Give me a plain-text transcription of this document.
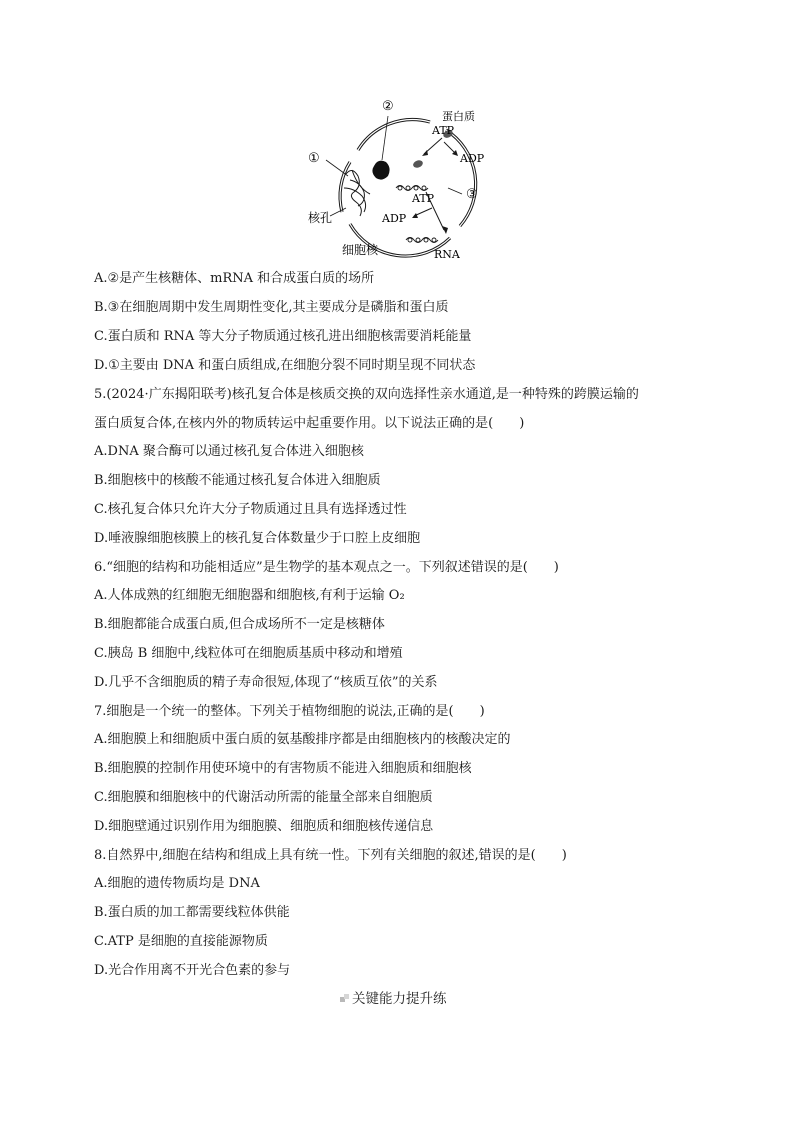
②
①
③
蛋白质
ATP
ADP
ATP
ADP
RNA
核孔
细胞核
A.②是产生核糖体、mRNA 和合成蛋白质的场所
B.③在细胞周期中发生周期性变化,其主要成分是磷脂和蛋白质
C.蛋白质和 RNA 等大分子物质通过核孔进出细胞核需要消耗能量
D.①主要由 DNA 和蛋白质组成,在细胞分裂不同时期呈现不同状态
5.(2024·广东揭阳联考)核孔复合体是核质交换的双向选择性亲水通道,是一种特殊的跨膜运输的
蛋白质复合体,在核内外的物质转运中起重要作用。以下说法正确的是(　　)
A.DNA 聚合酶可以通过核孔复合体进入细胞核
B.细胞核中的核酸不能通过核孔复合体进入细胞质
C.核孔复合体只允许大分子物质通过且具有选择透过性
D.唾液腺细胞核膜上的核孔复合体数量少于口腔上皮细胞
6.“细胞的结构和功能相适应”是生物学的基本观点之一。下列叙述错误的是(　　)
A.人体成熟的红细胞无细胞器和细胞核,有利于运输 O₂
B.细胞都能合成蛋白质,但合成场所不一定是核糖体
C.胰岛 B 细胞中,线粒体可在细胞质基质中移动和增殖
D.几乎不含细胞质的精子寿命很短,体现了“核质互依”的关系
7.细胞是一个统一的整体。下列关于植物细胞的说法,正确的是(　　)
A.细胞膜上和细胞质中蛋白质的氨基酸排序都是由细胞核内的核酸决定的
B.细胞膜的控制作用使环境中的有害物质不能进入细胞质和细胞核
C.细胞膜和细胞核中的代谢活动所需的能量全部来自细胞质
D.细胞壁通过识别作用为细胞膜、细胞质和细胞核传递信息
8.自然界中,细胞在结构和组成上具有统一性。下列有关细胞的叙述,错误的是(　　)
A.细胞的遗传物质均是 DNA
B.蛋白质的加工都需要线粒体供能
C.ATP 是细胞的直接能源物质
D.光合作用离不开光合色素的参与
关键能力提升练
